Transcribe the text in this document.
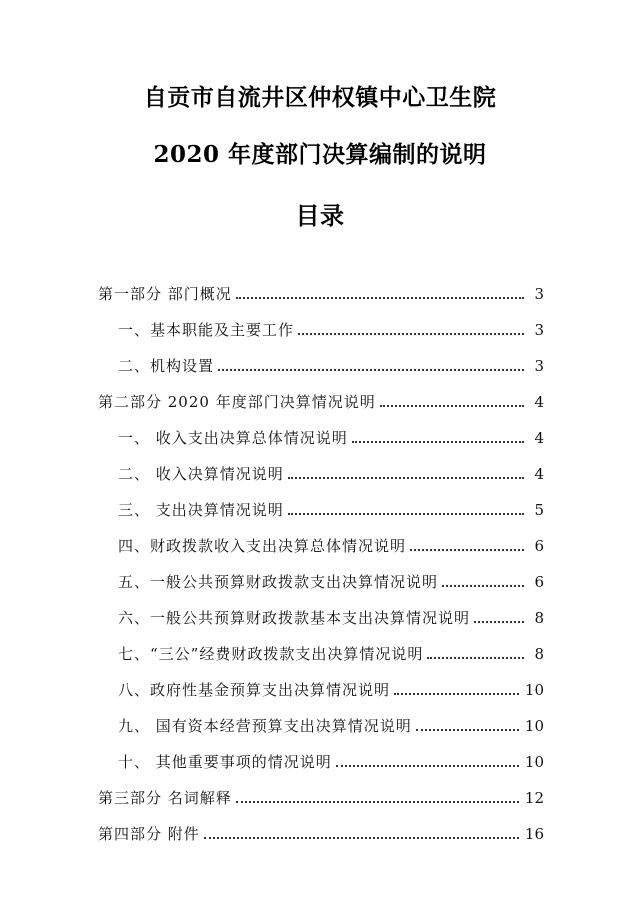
自贡市自流井区仲权镇中心卫生院
2020 年度部门决算编制的说明
目录
第一部分 部门概况	3
一、基本职能及主要工作	3
二、机构设置	3
第二部分 2020 年度部门决算情况说明	4
一、 收入支出决算总体情况说明	4
二、 收入决算情况说明	4
三、 支出决算情况说明	5
四、财政拨款收入支出决算总体情况说明	6
五、一般公共预算财政拨款支出决算情况说明	6
六、一般公共预算财政拨款基本支出决算情况说明	8
七、“三公”经费财政拨款支出决算情况说明	8
八、政府性基金预算支出决算情况说明	10
九、 国有资本经营预算支出决算情况说明	10
十、 其他重要事项的情况说明	10
第三部分 名词解释	12
第四部分 附件	16
